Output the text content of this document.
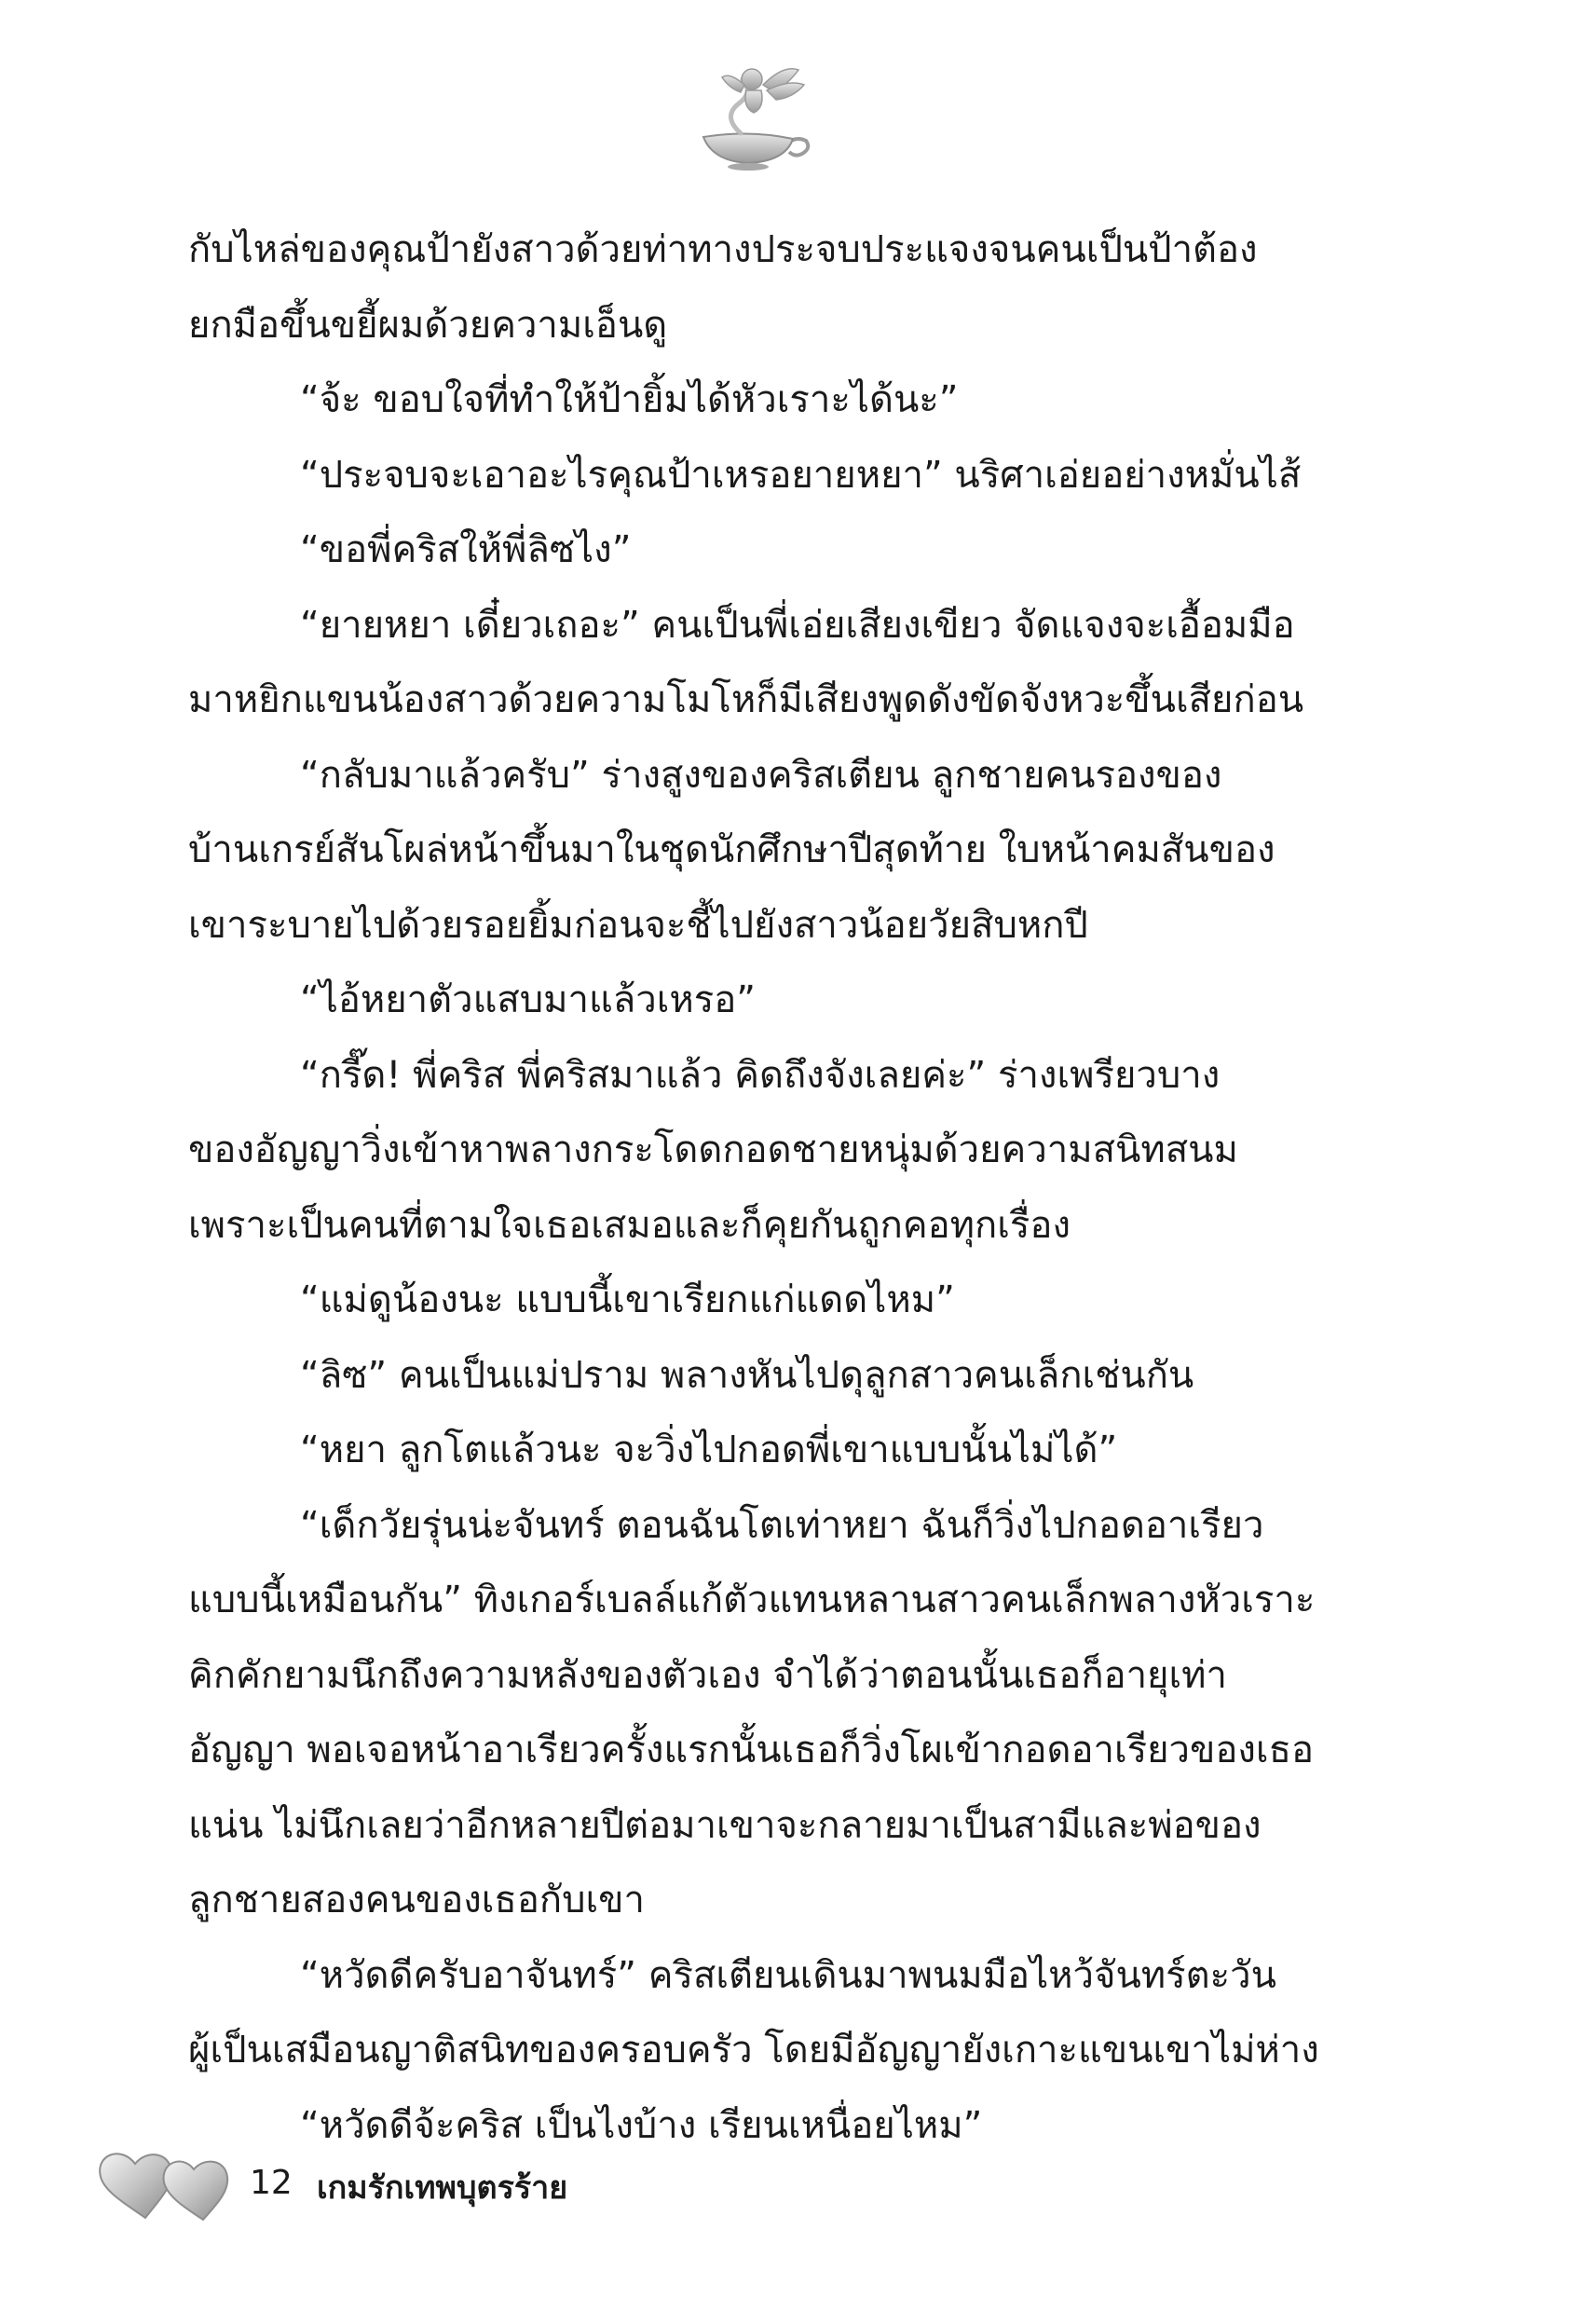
กับไหล่ของคุณป้ายังสาวด้วยท่าทางประจบประแจงจนคนเป็นป้าต้อง
ยกมือขึ้นขยี้ผมด้วยความเอ็นดู
“จ้ะ ขอบใจที่ทำให้ป้ายิ้มได้หัวเราะได้นะ”
“ประจบจะเอาอะไรคุณป้าเหรอยายหยา” นริศาเอ่ยอย่างหมั่นไส้
“ขอพี่คริสให้พี่ลิซไง”
“ยายหยา เดี๋ยวเถอะ” คนเป็นพี่เอ่ยเสียงเขียว จัดแจงจะเอื้อมมือ
มาหยิกแขนน้องสาวด้วยความโมโหก็มีเสียงพูดดังขัดจังหวะขึ้นเสียก่อน
“กลับมาแล้วครับ” ร่างสูงของคริสเตียน ลูกชายคนรองของ
บ้านเกรย์สันโผล่หน้าขึ้นมาในชุดนักศึกษาปีสุดท้าย ใบหน้าคมสันของ
เขาระบายไปด้วยรอยยิ้มก่อนจะชี้ไปยังสาวน้อยวัยสิบหกปี
“ไอ้หยาตัวแสบมาแล้วเหรอ”
“กรี๊ด! พี่คริส พี่คริสมาแล้ว คิดถึงจังเลยค่ะ” ร่างเพรียวบาง
ของอัญญาวิ่งเข้าหาพลางกระโดดกอดชายหนุ่มด้วยความสนิทสนม
เพราะเป็นคนที่ตามใจเธอเสมอและก็คุยกันถูกคอทุกเรื่อง
“แม่ดูน้องนะ แบบนี้เขาเรียกแก่แดดไหม”
“ลิซ” คนเป็นแม่ปราม พลางหันไปดุลูกสาวคนเล็กเช่นกัน
“หยา ลูกโตแล้วนะ จะวิ่งไปกอดพี่เขาแบบนั้นไม่ได้”
“เด็กวัยรุ่นน่ะจันทร์ ตอนฉันโตเท่าหยา ฉันก็วิ่งไปกอดอาเรียว
แบบนี้เหมือนกัน” ทิงเกอร์เบลล์แก้ตัวแทนหลานสาวคนเล็กพลางหัวเราะ
คิกคักยามนึกถึงความหลังของตัวเอง จำได้ว่าตอนนั้นเธอก็อายุเท่า
อัญญา พอเจอหน้าอาเรียวครั้งแรกนั้นเธอก็วิ่งโผเข้ากอดอาเรียวของเธอ
แน่น ไม่นึกเลยว่าอีกหลายปีต่อมาเขาจะกลายมาเป็นสามีและพ่อของ
ลูกชายสองคนของเธอกับเขา
“หวัดดีครับอาจันทร์” คริสเตียนเดินมาพนมมือไหว้จันทร์ตะวัน
ผู้เป็นเสมือนญาติสนิทของครอบครัว โดยมีอัญญายังเกาะแขนเขาไม่ห่าง
“หวัดดีจ้ะคริส เป็นไงบ้าง เรียนเหนื่อยไหม”
12 เกมรักเทพบุตรร้าย
